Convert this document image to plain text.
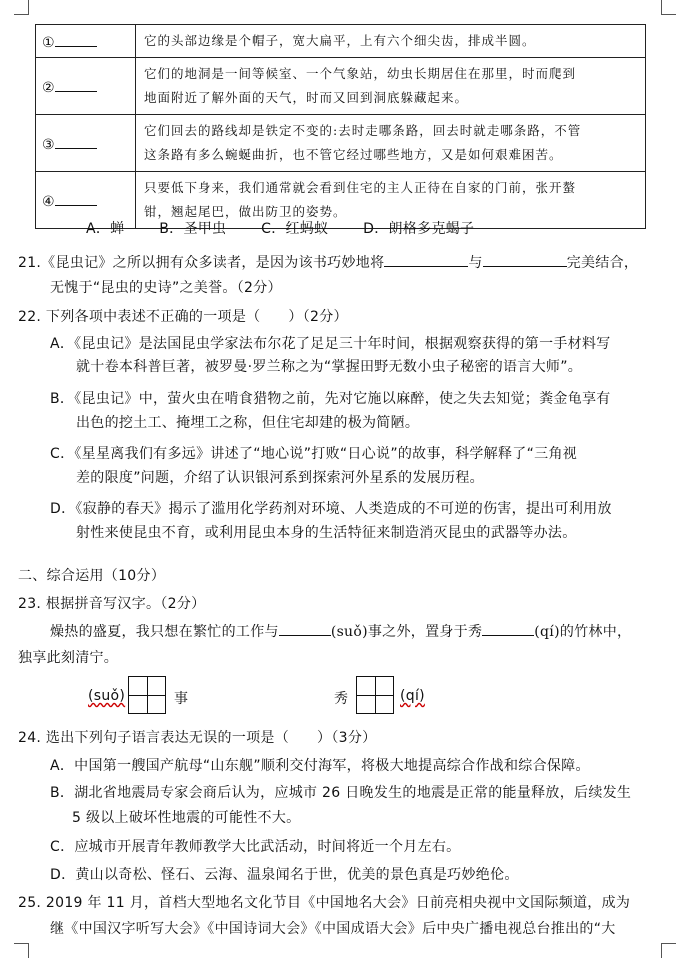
①	它的头部边缘是个帽子，宽大扁平，上有六个细尖齿，排成半圆。
②	它们的地洞是一间等候室、一个气象站，幼虫长期居住在那里，时而爬到
地面附近了解外面的天气，时而又回到洞底躲藏起来。
③	它们回去的路线却是铁定不变的:去时走哪条路，回去时就走哪条路，不管
这条路有多么蜿蜒曲折，也不管它经过哪些地方，又是如何艰难困苦。
④	只要低下身来，我们通常就会看到住宅的主人正待在自家的门前，张开螯
钳，翘起尾巴，做出防卫的姿势。
A．蝉 B．圣甲虫 C．红蚂蚁 D．朗格多克蝎子
21.《昆虫记》之所以拥有众多读者，是因为该书巧妙地将	与	完美结合，
无愧于“昆虫的史诗”之美誉。（2分）
22. 下列各项中表述不正确的一项是（ ）（2分）
A．《昆虫记》是法国昆虫学家法布尔花了足足三十年时间，根据观察获得的第一手材料写
就十卷本科普巨著，被罗曼·罗兰称之为“掌握田野无数小虫子秘密的语言大师”。
B．《昆虫记》中，萤火虫在啃食猎物之前，先对它施以麻醉，使之失去知觉；粪金龟享有
出色的挖土工、掩埋工之称，但住宅却建的极为简陋。
C．《星星离我们有多远》讲述了“地心说”打败“日心说”的故事，科学解释了“三角视
差的限度”问题，介绍了认识银河系到探索河外星系的发展历程。
D．《寂静的春天》揭示了滥用化学药剂对环境、人类造成的不可逆的伤害，提出可利用放
射性来使昆虫不育，或利用昆虫本身的生活特征来制造消灭昆虫的武器等办法。
二、综合运用（10分）
23. 根据拼音写汉字。（2分）
燥热的盛夏，我只想在繁忙的工作与	(suǒ)事之外，置身于秀	(qí)的竹林中，
独享此刻清宁。
(suǒ)	事	秀	(qí)
24. 选出下列句子语言表达无误的一项是（ ）（3分）
A．中国第一艘国产航母“山东舰”顺利交付海军，将极大地提高综合作战和综合保障。
B．湖北省地震局专家会商后认为，应城市 26 日晚发生的地震是正常的能量释放，后续发生
5 级以上破坏性地震的可能性不大。
C．应城市开展青年教师教学大比武活动，时间将近一个月左右。
D．黄山以奇松、怪石、云海、温泉闻名于世，优美的景色真是巧妙绝伦。
25. 2019 年 11 月，首档大型地名文化节目《中国地名大会》日前亮相央视中文国际频道，成为
继《中国汉字听写大会》《中国诗词大会》《中国成语大会》后中央广播电视总台推出的“大
